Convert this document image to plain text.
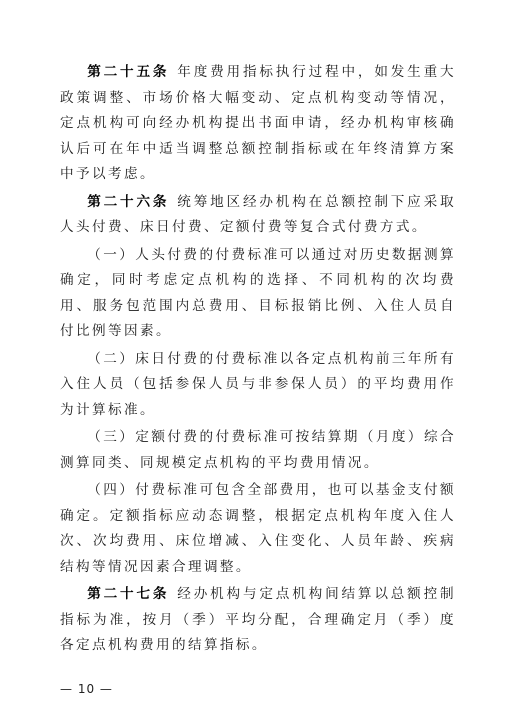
第二十五条 年度费用指标执行过程中，如发生重大政策调整、市场价格大幅变动、定点机构变动等情况，定点机构可向经办机构提出书面申请，经办机构审核确认后可在年中适当调整总额控制指标或在年终清算方案中予以考虑。

第二十六条 统筹地区经办机构在总额控制下应采取人头付费、床日付费、定额付费等复合式付费方式。

（一）人头付费的付费标准可以通过对历史数据测算确定，同时考虑定点机构的选择、不同机构的次均费用、服务包范围内总费用、目标报销比例、入住人员自付比例等因素。

（二）床日付费的付费标准以各定点机构前三年所有入住人员（包括参保人员与非参保人员）的平均费用作为计算标准。

（三）定额付费的付费标准可按结算期（月度）综合测算同类、同规模定点机构的平均费用情况。

（四）付费标准可包含全部费用，也可以基金支付额确定。定额指标应动态调整，根据定点机构年度入住人次、次均费用、床位增减、入住变化、人员年龄、疾病结构等情况因素合理调整。

第二十七条 经办机构与定点机构间结算以总额控制指标为准，按月（季）平均分配，合理确定月（季）度各定点机构费用的结算指标。

— 10 —
